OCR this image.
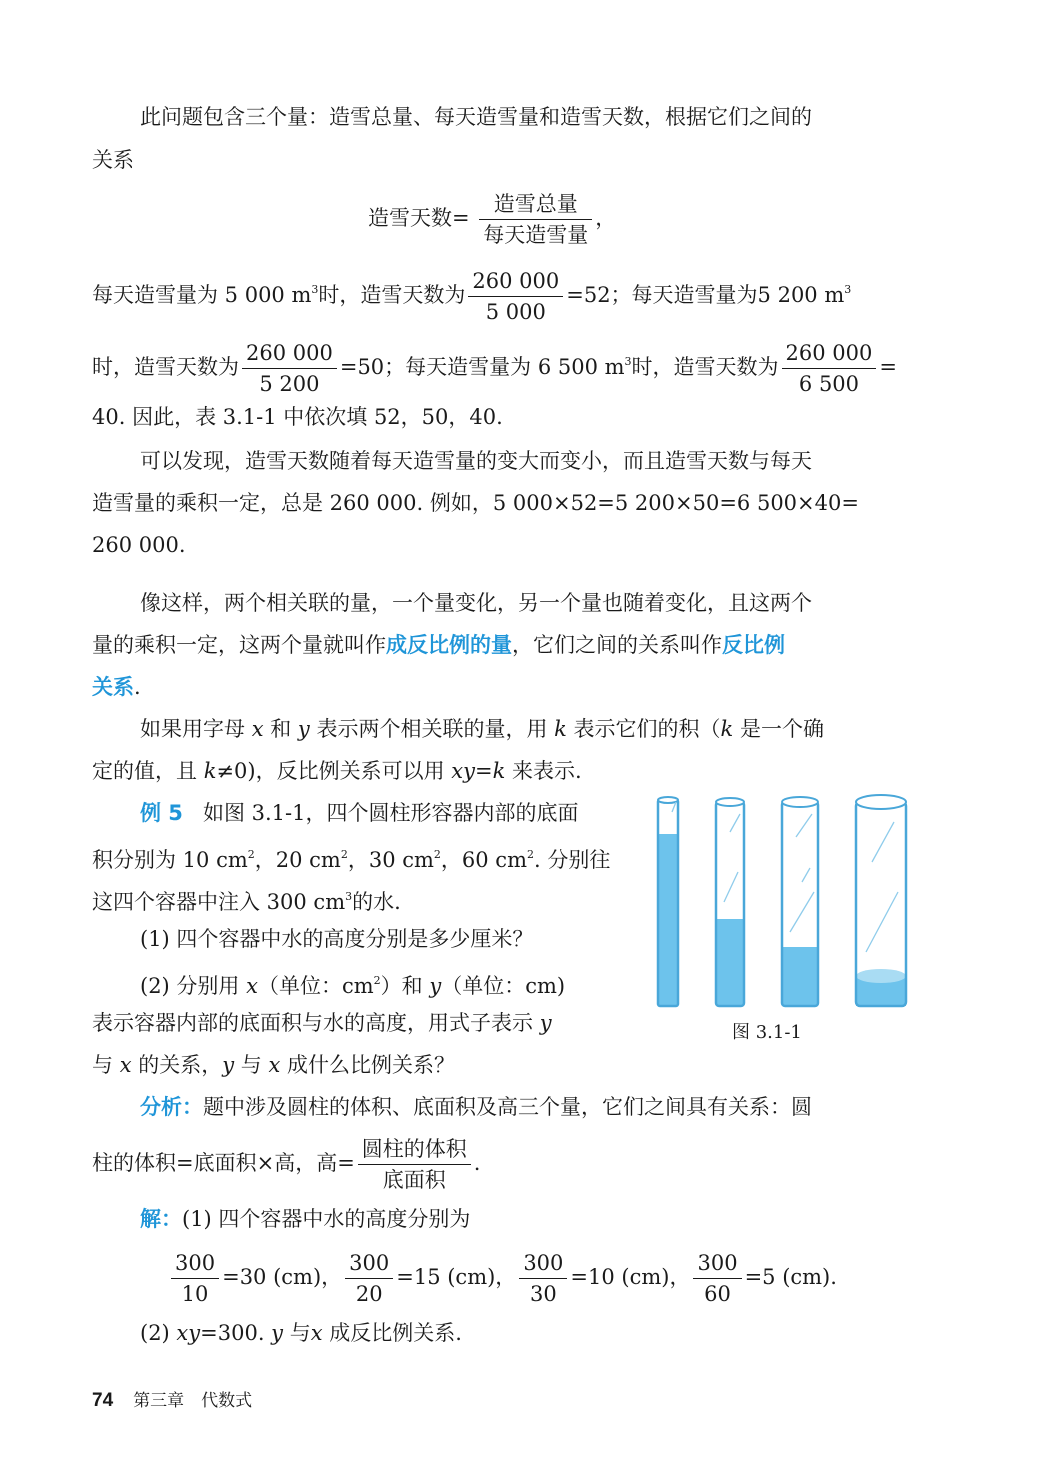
此问题包含三个量：造雪总量、每天造雪量和造雪天数，根据它们之间的
关系
造雪天数= $\frac{\text{造雪总量}}{\text{每天造雪量}}$ ，
每天造雪量为 5 000 $m^3$时，造雪天数为 $\frac{260 000}{5 000} =52$；每天造雪量为5 200 $m^3$
时，造雪天数为 $\frac{260 000}{5 200} =50$；每天造雪量为 6 500 $m^3$时，造雪天数为 $\frac{260 000}{6 500}$ =
40. 因此，表 3.1-1 中依次填 52，50，40.
可以发现，造雪天数随着每天造雪量的变大而变小，而且造雪天数与每天
造雪量的乘积一定，总是 260 000. 例如，5 000×52=5 200×50=6 500×40=
260 000.
像这样，两个相关联的量，一个量变化，另一个量也随着变化，且这两个
量的乘积一定，这两个量就叫作成反比例的量，它们之间的关系叫作反比例
关系.
如果用字母 x 和 y 表示两个相关联的量，用 k 表示它们的积（k 是一个确
定的值，且 k≠0)，反比例关系可以用 xy=k 来表示.
例 5 如图 3.1-1，四个圆柱形容器内部的底面
积分别为 10 $cm^2$，20 $cm^2$，30 $cm^2$，60 $cm^2$. 分别往
这四个容器中注入 300 $cm^3$的水.
(1) 四个容器中水的高度分别是多少厘米？
(2) 分别用 x（单位：$cm^2$）和 y（单位：cm)
表示容器内部的底面积与水的高度，用式子表示 y
与 x 的关系，y 与 x 成什么比例关系？
图 3.1-1
分析：题中涉及圆柱的体积、底面积及高三个量，它们之间具有关系：圆
柱的体积=底面积×高，高= $\frac{\text{圆柱的体积}}{\text{底面积}}$ .
解：(1) 四个容器中水的高度分别为
$\frac{300}{10} =30$ (cm)， $\frac{300}{20} =15$ (cm)， $\frac{300}{30} =10$ (cm)， $\frac{300}{60} =5$ (cm).
(2) xy=300. y 与x 成反比例关系.
74 第三章　代数式
